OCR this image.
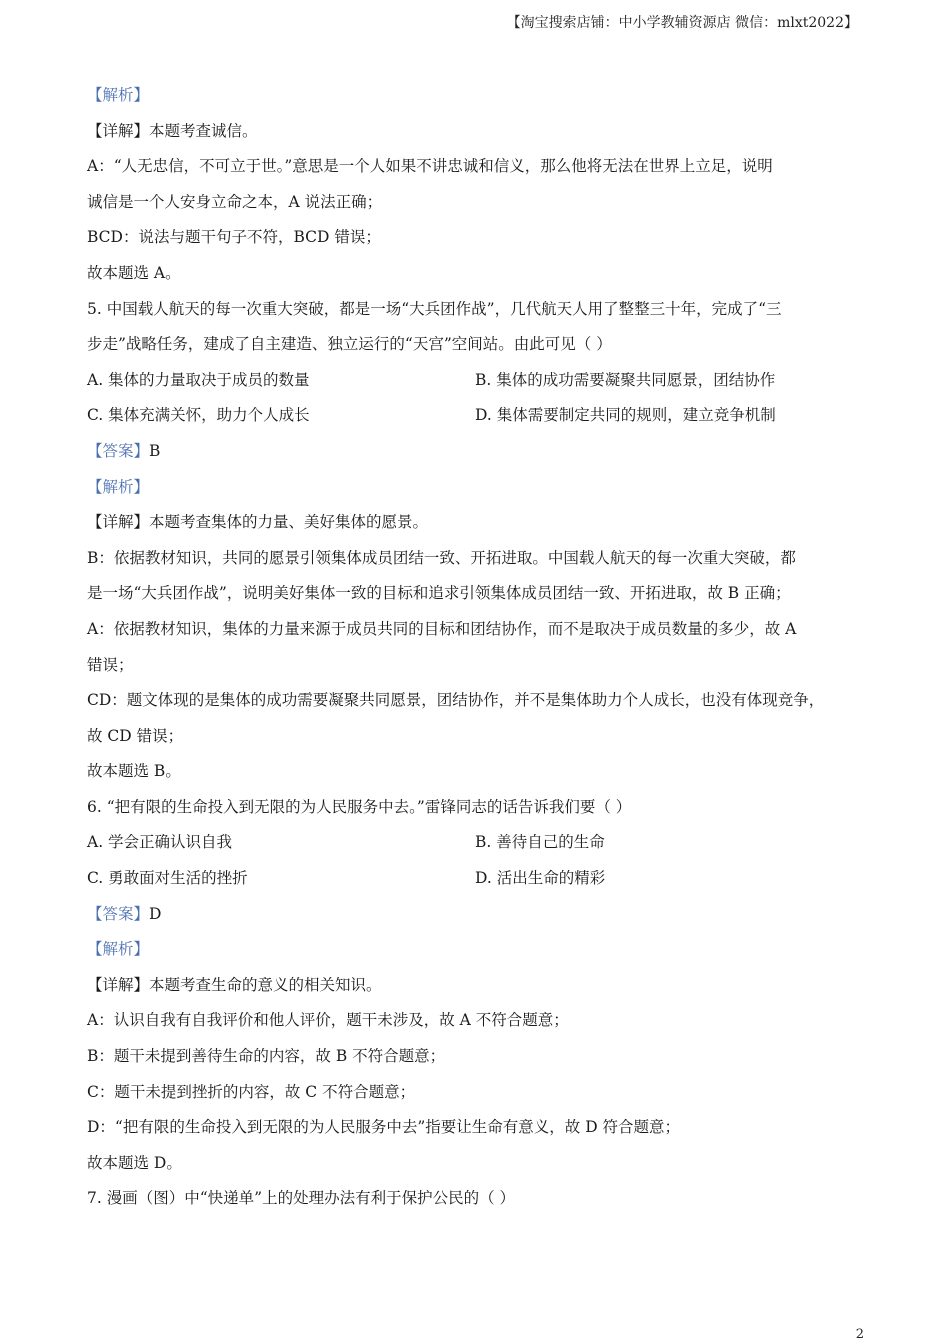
【淘宝搜索店铺：中小学教辅资源店 微信：mlxt2022】
【解析】
【详解】本题考查诚信。
A：“人无忠信，不可立于世。”意思是一个人如果不讲忠诚和信义，那么他将无法在世界上立足，说明
诚信是一个人安身立命之本，A 说法正确；
BCD：说法与题干句子不符，BCD 错误；
故本题选 A。
5. 中国载人航天的每一次重大突破，都是一场“大兵团作战”，几代航天人用了整整三十年，完成了“三
步走”战略任务，建成了自主建造、独立运行的“天宫”空间站。由此可见（ ）
A. 集体的力量取决于成员的数量	B. 集体的成功需要凝聚共同愿景，团结协作
C. 集体充满关怀，助力个人成长	D. 集体需要制定共同的规则，建立竞争机制
【答案】B
【解析】
【详解】本题考查集体的力量、美好集体的愿景。
B：依据教材知识，共同的愿景引领集体成员团结一致、开拓进取。中国载人航天的每一次重大突破，都
是一场“大兵团作战”，说明美好集体一致的目标和追求引领集体成员团结一致、开拓进取，故 B 正确；
A：依据教材知识，集体的力量来源于成员共同的目标和团结协作，而不是取决于成员数量的多少，故 A
错误；
CD：题文体现的是集体的成功需要凝聚共同愿景，团结协作，并不是集体助力个人成长，也没有体现竞争，
故 CD 错误；
故本题选 B。
6. “把有限的生命投入到无限的为人民服务中去。”雷锋同志的话告诉我们要（ ）
A. 学会正确认识自我	B. 善待自己的生命
C. 勇敢面对生活的挫折	D. 活出生命的精彩
【答案】D
【解析】
【详解】本题考查生命的意义的相关知识。
A：认识自我有自我评价和他人评价，题干未涉及，故 A 不符合题意；
B：题干未提到善待生命的内容，故 B 不符合题意；
C：题干未提到挫折的内容，故 C 不符合题意；
D：“把有限的生命投入到无限的为人民服务中去”指要让生命有意义，故 D 符合题意；
故本题选 D。
7. 漫画（图）中“快递单”上的处理办法有利于保护公民的（ ）
2
